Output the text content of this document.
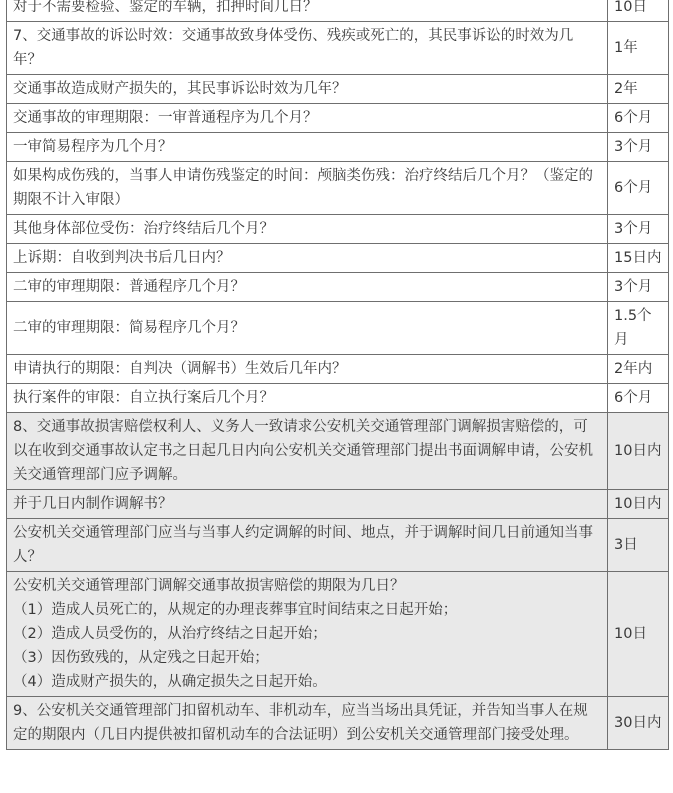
对于不需要检验、鉴定的车辆，扣押时间几日？	10日

7、交通事故的诉讼时效：交通事故致身体受伤、残疾或死亡的，其民事诉讼的时效为几年？	1年

交通事故造成财产损失的，其民事诉讼时效为几年？	2年

交通事故的审理期限：一审普通程序为几个月？	6个月

一审简易程序为几个月？	3个月

如果构成伤残的，当事人申请伤残鉴定的时间：颅脑类伤残：治疗终结后几个月？（鉴定的期限不计入审限）	6个月

其他身体部位受伤：治疗终结后几个月？	3个月

上诉期：自收到判决书后几日内？	15日内

二审的审理期限：普通程序几个月？	3个月

二审的审理期限：简易程序几个月？	1.5个月

申请执行的期限：自判决（调解书）生效后几年内？	2年内

执行案件的审限：自立执行案后几个月？	6个月

8、交通事故损害赔偿权利人、义务人一致请求公安机关交通管理部门调解损害赔偿的，可以在收到交通事故认定书之日起几日内向公安机关交通管理部门提出书面调解申请，公安机关交通管理部门应予调解。	10日内

并于几日内制作调解书？	10日内

公安机关交通管理部门应当与当事人约定调解的时间、地点，并于调解时间几日前通知当事人？	3日

公安机关交通管理部门调解交通事故损害赔偿的期限为几日？
（1）造成人员死亡的，从规定的办理丧葬事宜时间结束之日起开始；
（2）造成人员受伤的，从治疗终结之日起开始；
（3）因伤致残的，从定残之日起开始；
（4）造成财产损失的，从确定损失之日起开始。	10日

9、公安机关交通管理部门扣留机动车、非机动车，应当当场出具凭证，并告知当事人在规定的期限内（几日内提供被扣留机动车的合法证明）到公安机关交通管理部门接受处理。	30日内
